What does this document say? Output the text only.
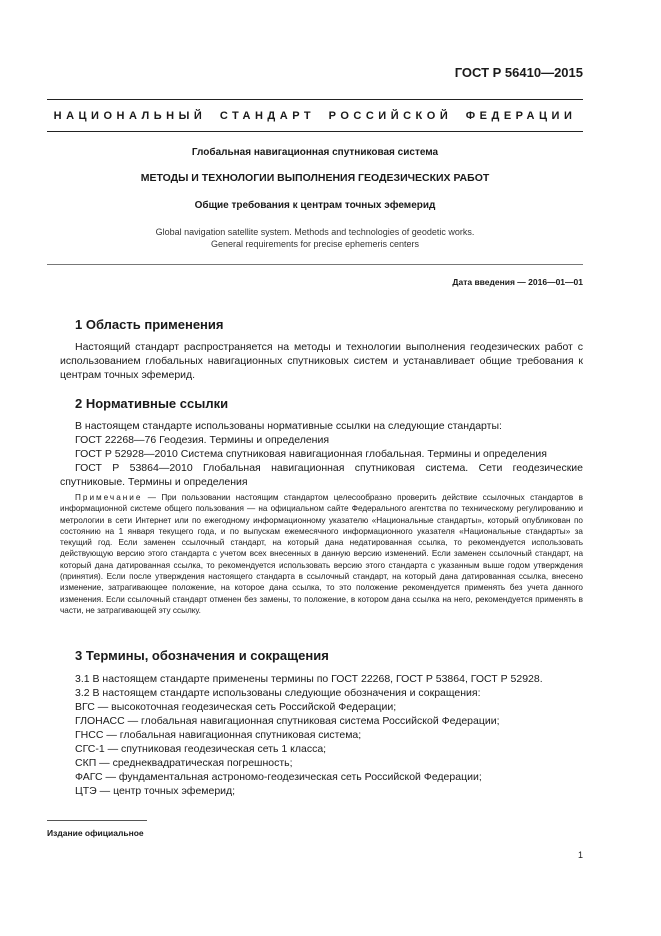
ГОСТ Р 56410—2015
НАЦИОНАЛЬНЫЙ СТАНДАРТ РОССИЙСКОЙ ФЕДЕРАЦИИ
Глобальная навигационная спутниковая система
МЕТОДЫ И ТЕХНОЛОГИИ ВЫПОЛНЕНИЯ ГЕОДЕЗИЧЕСКИХ РАБОТ
Общие требования к центрам точных эфемерид
Global navigation satellite system. Methods and technologies of geodetic works.
General requirements for precise ephemeris centers
Дата введения — 2016—01—01
1 Область применения
Настоящий стандарт распространяется на методы и технологии выполнения геодезических работ с использованием глобальных навигационных спутниковых систем и устанавливает общие требования к центрам точных эфемерид.
2 Нормативные ссылки
В настоящем стандарте использованы нормативные ссылки на следующие стандарты:
ГОСТ 22268—76 Геодезия. Термины и определения
ГОСТ Р 52928—2010 Система спутниковая навигационная глобальная. Термины и определения
ГОСТ Р 53864—2010 Глобальная навигационная спутниковая система. Сети геодезические спутниковые. Термины и определения
Примечание — При пользовании настоящим стандартом целесообразно проверить действие ссылочных стандартов в информационной системе общего пользования — на официальном сайте Федерального агентства по техническому регулированию и метрологии в сети Интернет или по ежегодному информационному указателю «Национальные стандарты», который опубликован по состоянию на 1 января текущего года, и по выпускам ежемесячного информационного указателя «Национальные стандарты» за текущий год. Если заменен ссылочный стандарт, на который дана недатированная ссылка, то рекомендуется использовать действующую версию этого стандарта с учетом всех внесенных в данную версию изменений. Если заменен ссылочный стандарт, на который дана датированная ссылка, то рекомендуется использовать версию этого стандарта с указанным выше годом утверждения (принятия). Если после утверждения настоящего стандарта в ссылочный стандарт, на который дана датированная ссылка, внесено изменение, затрагивающее положение, на которое дана ссылка, то это положение рекомендуется применять без учета данного изменения. Если ссылочный стандарт отменен без замены, то положение, в котором дана ссылка на него, рекомендуется применять в части, не затрагивающей эту ссылку.
3 Термины, обозначения и сокращения
3.1 В настоящем стандарте применены термины по ГОСТ 22268, ГОСТ Р 53864, ГОСТ Р 52928.
3.2 В настоящем стандарте использованы следующие обозначения и сокращения:
ВГС — высокоточная геодезическая сеть Российской Федерации;
ГЛОНАСС — глобальная навигационная спутниковая система Российской Федерации;
ГНСС — глобальная навигационная спутниковая система;
СГС-1 — спутниковая геодезическая сеть 1 класса;
СКП — среднеквадратическая погрешность;
ФАГС — фундаментальная астрономо-геодезическая сеть Российской Федерации;
ЦТЭ — центр точных эфемерид;
Издание официальное
1
